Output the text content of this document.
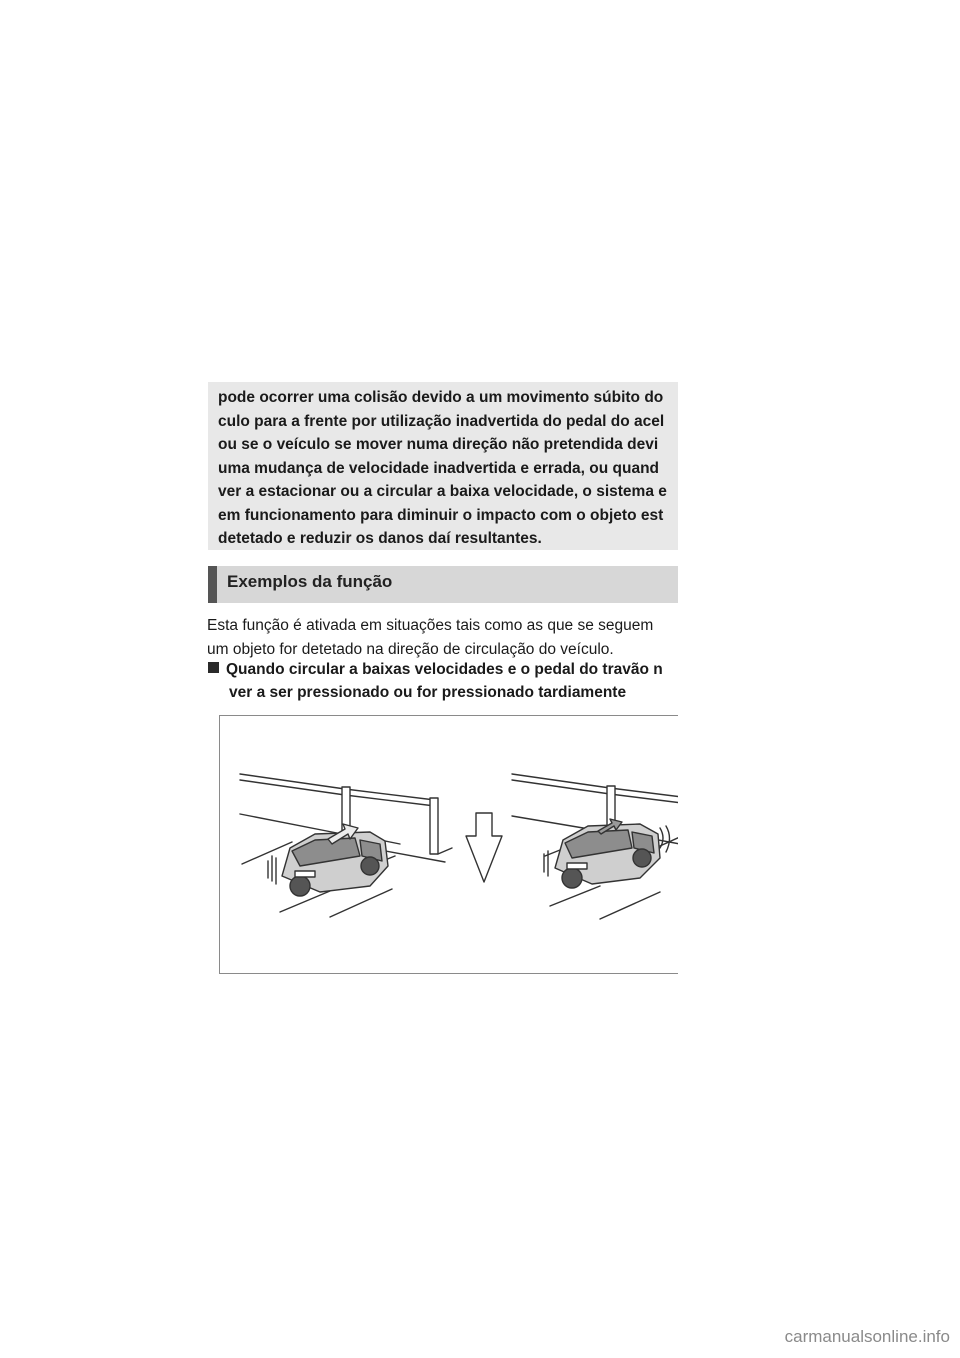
pode ocorrer uma colisão devido a um movimento súbito do
culo para a frente por utilização inadvertida do pedal do acel
ou se o veículo se mover numa direção não pretendida devi
uma mudança de velocidade inadvertida e errada, ou quand
ver a estacionar ou a circular a baixa velocidade, o sistema e
em funcionamento para diminuir o impacto com o objeto est
detetado e reduzir os danos daí resultantes.
Exemplos da função
Esta função é ativada em situações tais como as que se seguem
um objeto for detetado na direção de circulação do veículo.
Quando circular a baixas velocidades e o pedal do travão n
ver a ser pressionado ou for pressionado tardiamente
carmanualsonline.info
